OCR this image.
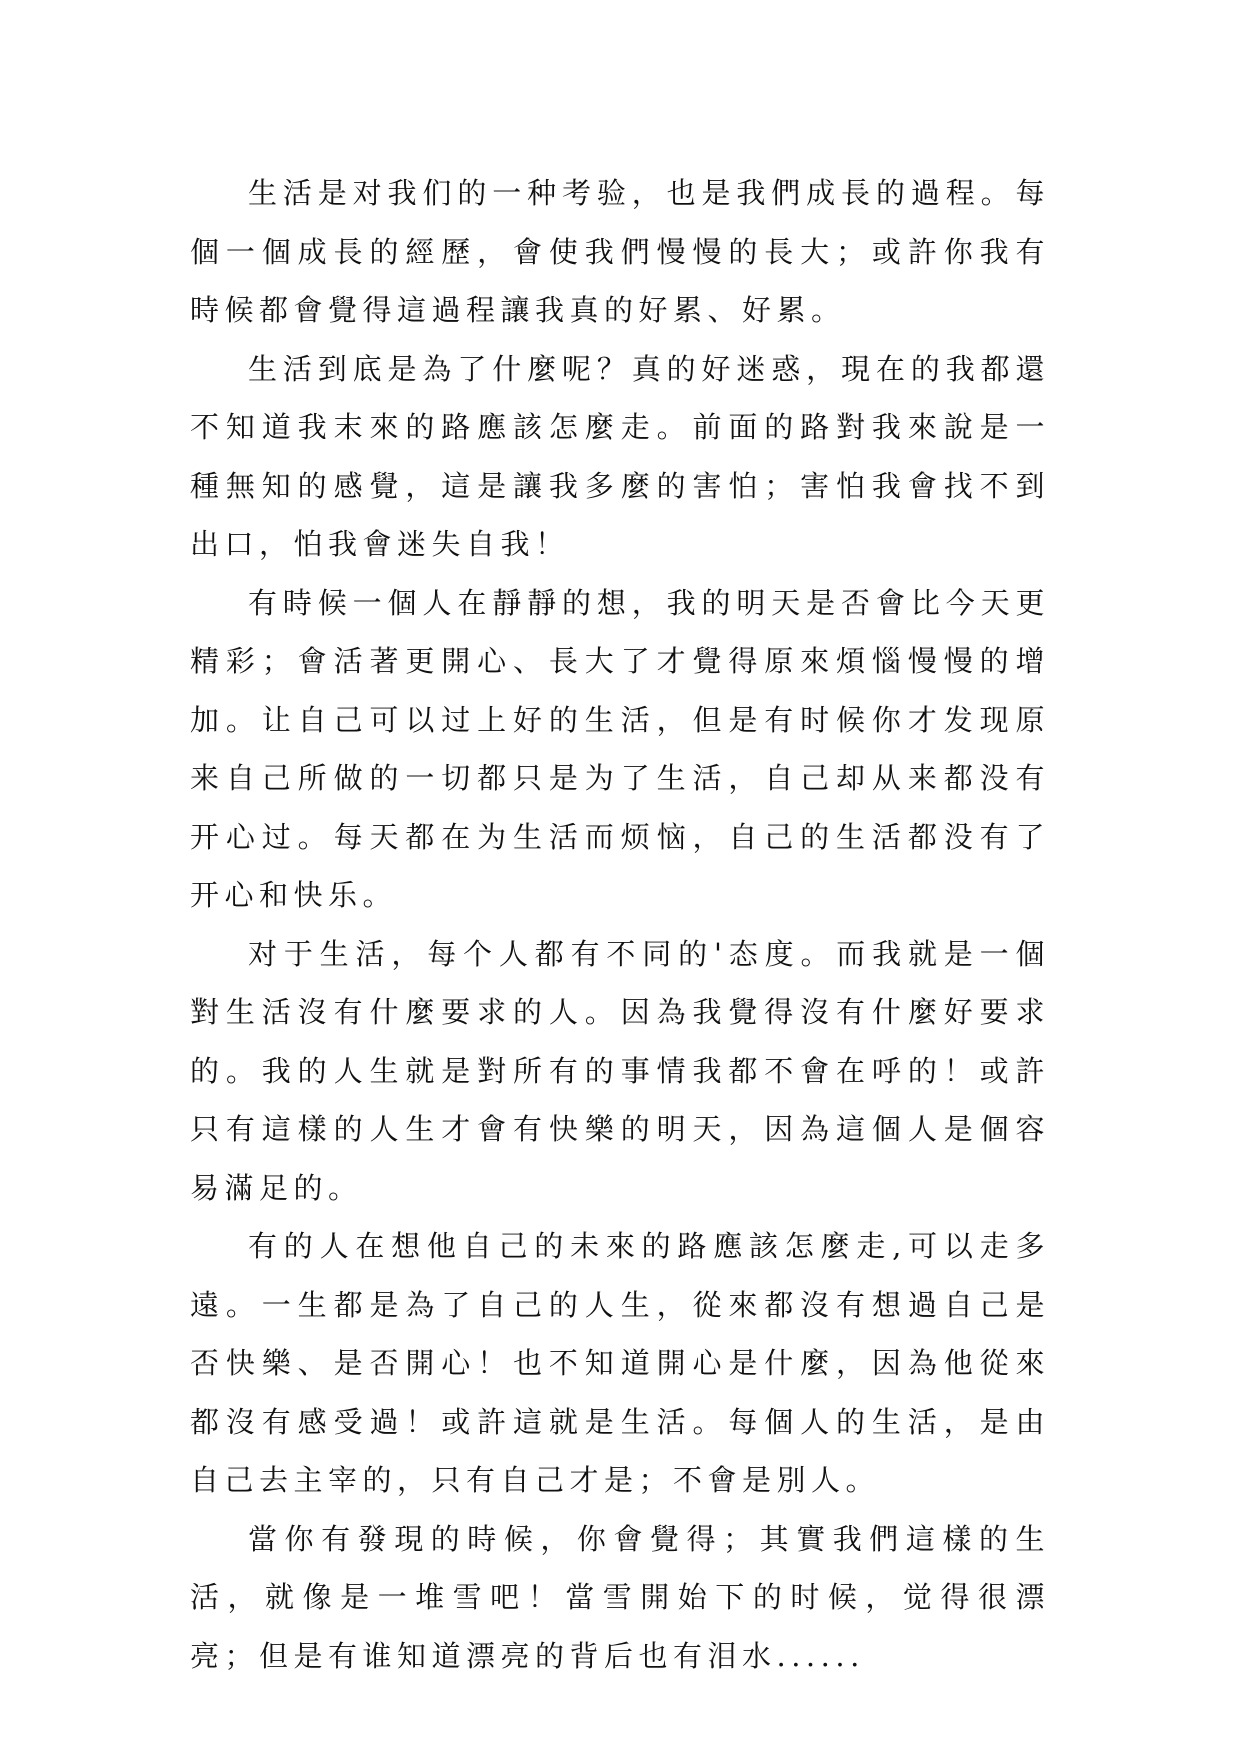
生活是对我们的一种考验，也是我們成長的過程。每個一個成長的經歷，會使我們慢慢的長大；或許你我有時候都會覺得這過程讓我真的好累、好累。

生活到底是為了什麼呢？真的好迷惑，現在的我都還不知道我末來的路應該怎麼走。前面的路對我來說是一種無知的感覺，這是讓我多麼的害怕；害怕我會找不到出口，怕我會迷失自我！

有時候一個人在靜靜的想，我的明天是否會比今天更精彩；會活著更開心、長大了才覺得原來煩惱慢慢的增加。让自己可以过上好的生活，但是有时候你才发现原来自己所做的一切都只是为了生活，自己却从来都没有开心过。每天都在为生活而烦恼，自己的生活都没有了开心和快乐。

对于生活，每个人都有不同的'态度。而我就是一個對生活沒有什麼要求的人。因為我覺得沒有什麼好要求的。我的人生就是對所有的事情我都不會在呼的！或許只有這樣的人生才會有快樂的明天，因為這個人是個容易滿足的。

有的人在想他自己的未來的路應該怎麼走,可以走多遠。一生都是為了自己的人生，從來都沒有想過自己是否快樂、是否開心！也不知道開心是什麼，因為他從來都沒有感受過！或許這就是生活。每個人的生活，是由自己去主宰的，只有自己才是；不會是別人。

當你有發現的時候，你會覺得；其實我們這樣的生活，就像是一堆雪吧！當雪開始下的时候，觉得很漂亮；但是有谁知道漂亮的背后也有泪水......
